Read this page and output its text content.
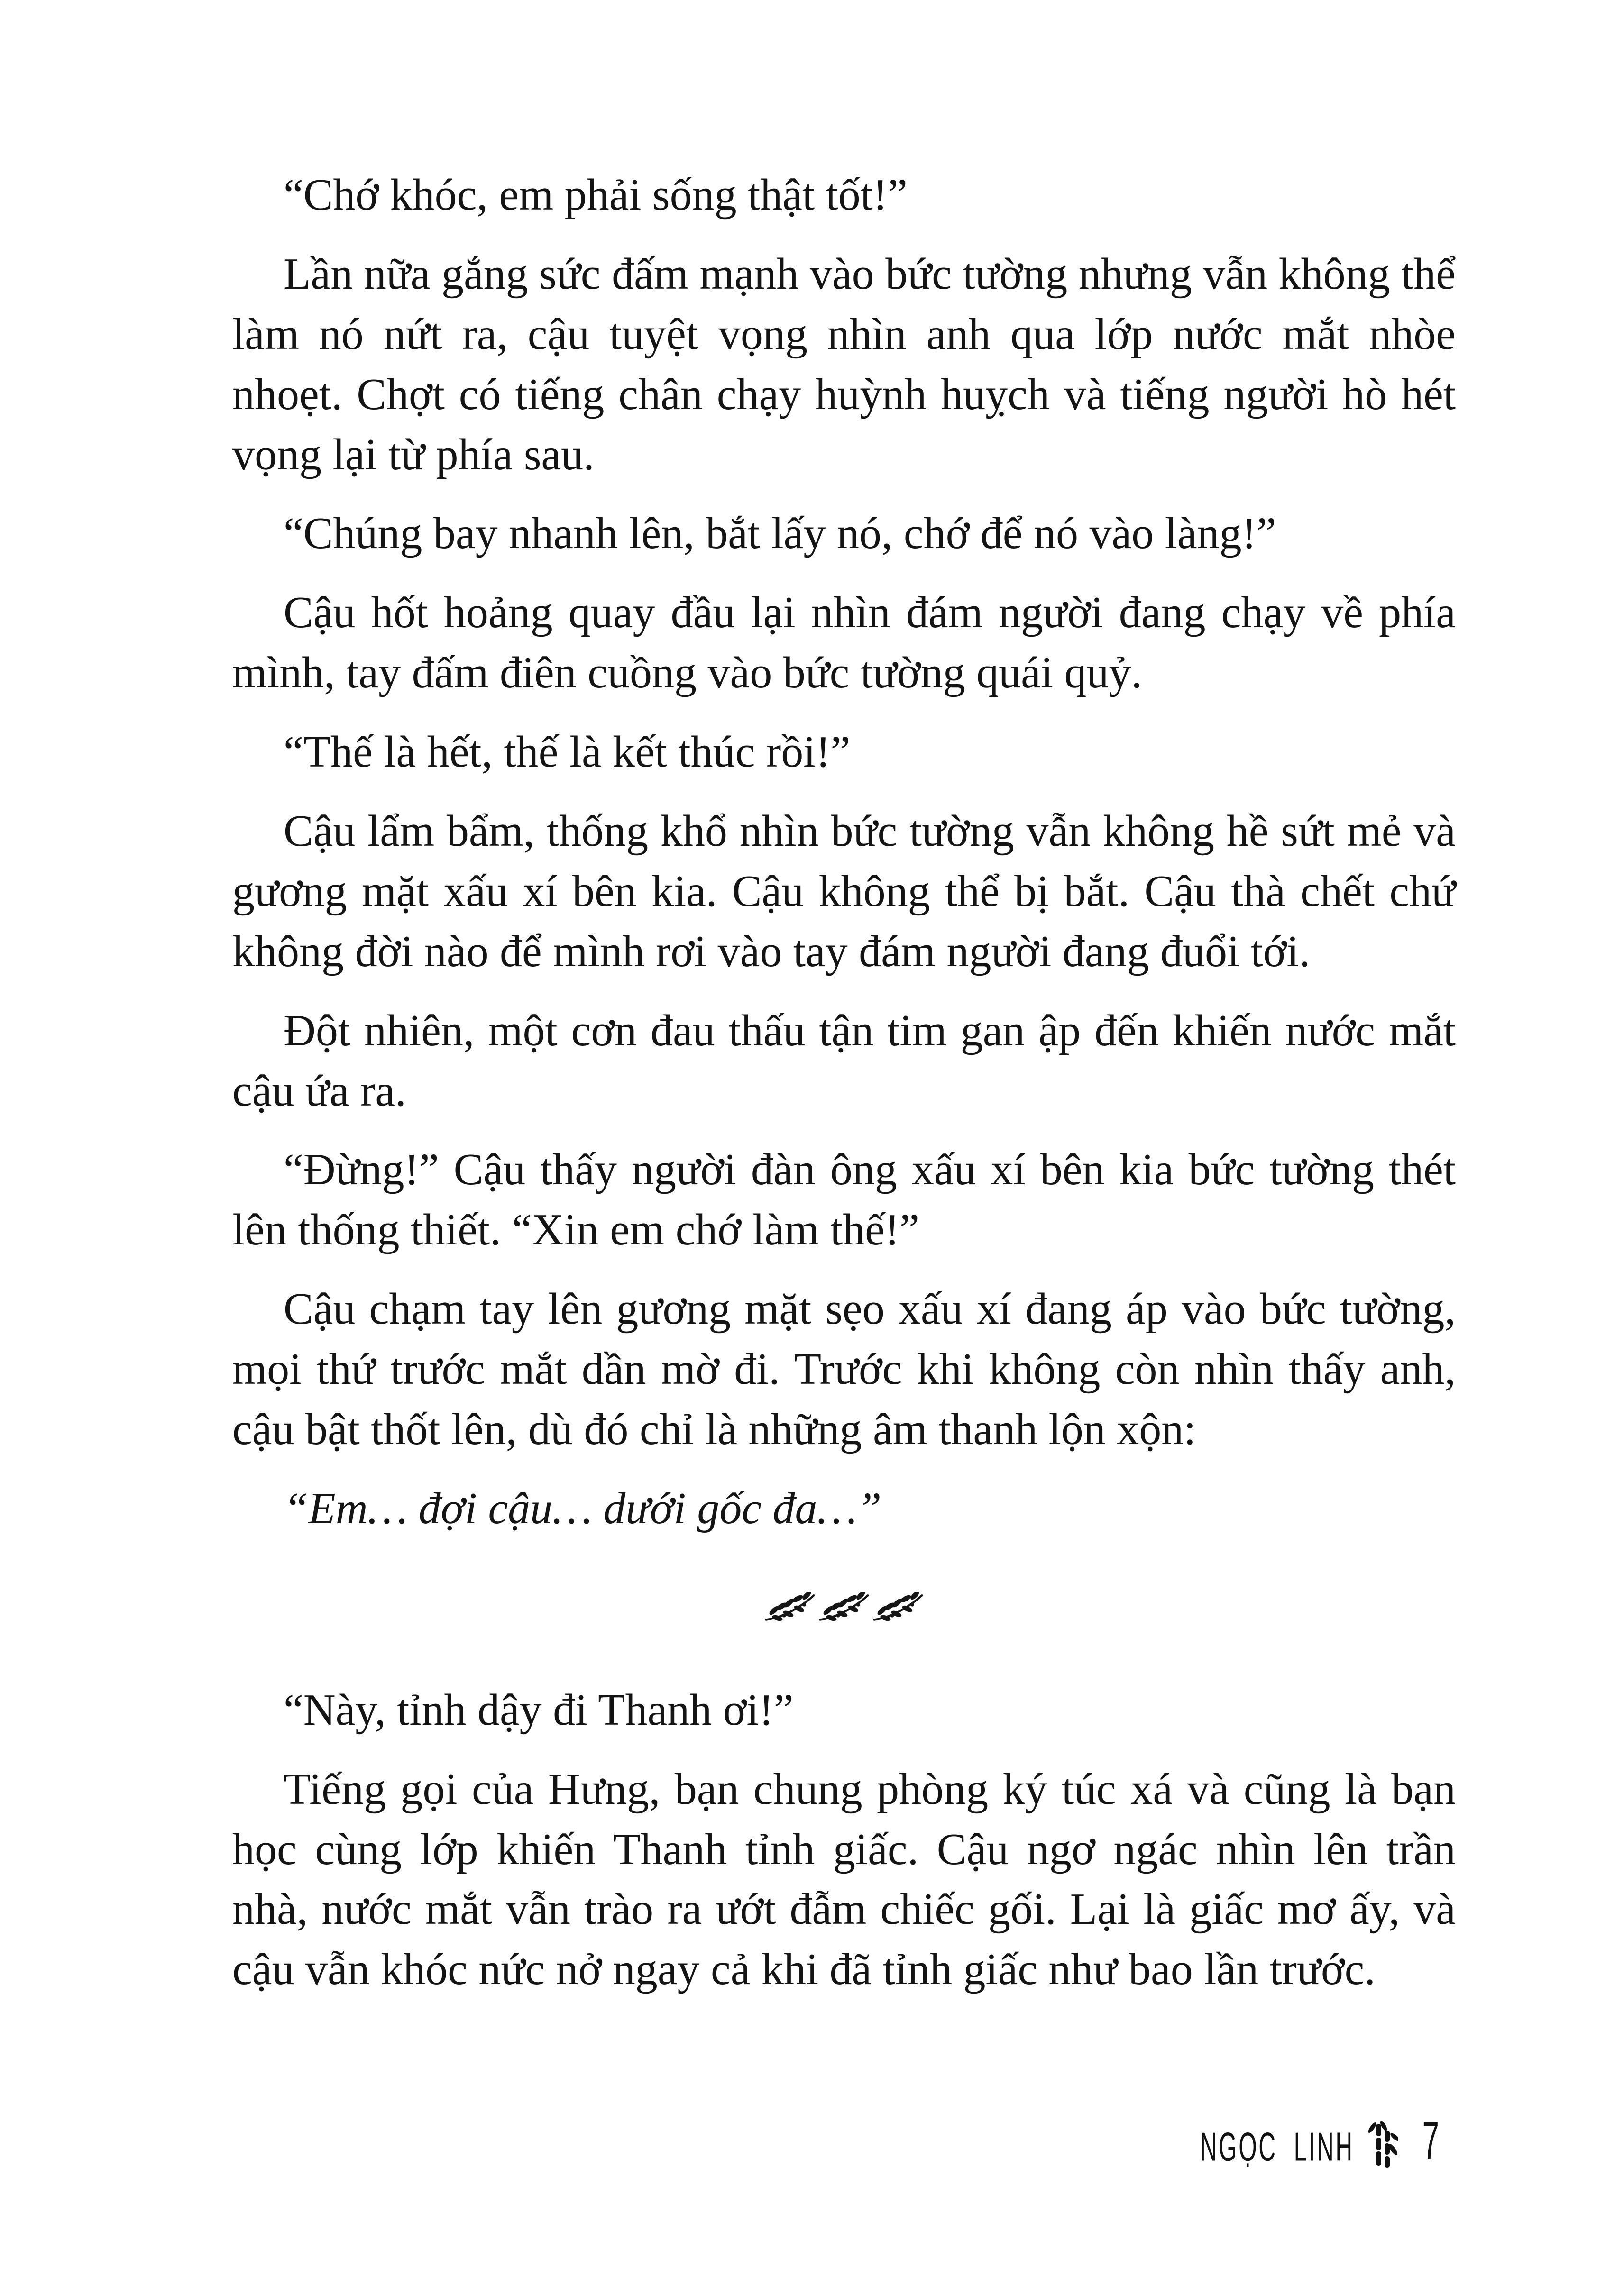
“Chớ khóc, em phải sống thật tốt!”

Lần nữa gắng sức đấm mạnh vào bức tường nhưng vẫn không thể làm nó nứt ra, cậu tuyệt vọng nhìn anh qua lớp nước mắt nhòe nhoẹt. Chợt có tiếng chân chạy huỳnh huỵch và tiếng người hò hét vọng lại từ phía sau.

“Chúng bay nhanh lên, bắt lấy nó, chớ để nó vào làng!”

Cậu hốt hoảng quay đầu lại nhìn đám người đang chạy về phía mình, tay đấm điên cuồng vào bức tường quái quỷ.

“Thế là hết, thế là kết thúc rồi!”

Cậu lẩm bẩm, thống khổ nhìn bức tường vẫn không hề sứt mẻ và gương mặt xấu xí bên kia. Cậu không thể bị bắt. Cậu thà chết chứ không đời nào để mình rơi vào tay đám người đang đuổi tới.

Đột nhiên, một cơn đau thấu tận tim gan ập đến khiến nước mắt cậu ứa ra.

“Đừng!” Cậu thấy người đàn ông xấu xí bên kia bức tường thét lên thống thiết. “Xin em chớ làm thế!”

Cậu chạm tay lên gương mặt sẹo xấu xí đang áp vào bức tường, mọi thứ trước mắt dần mờ đi. Trước khi không còn nhìn thấy anh, cậu bật thốt lên, dù đó chỉ là những âm thanh lộn xộn:

“Em… đợi cậu… dưới gốc đa…”

“Này, tỉnh dậy đi Thanh ơi!”

Tiếng gọi của Hưng, bạn chung phòng ký túc xá và cũng là bạn học cùng lớp khiến Thanh tỉnh giấc. Cậu ngơ ngác nhìn lên trần nhà, nước mắt vẫn trào ra ướt đẫm chiếc gối. Lại là giấc mơ ấy, và cậu vẫn khóc nức nở ngay cả khi đã tỉnh giấc như bao lần trước.

NGỌC LINH 7
